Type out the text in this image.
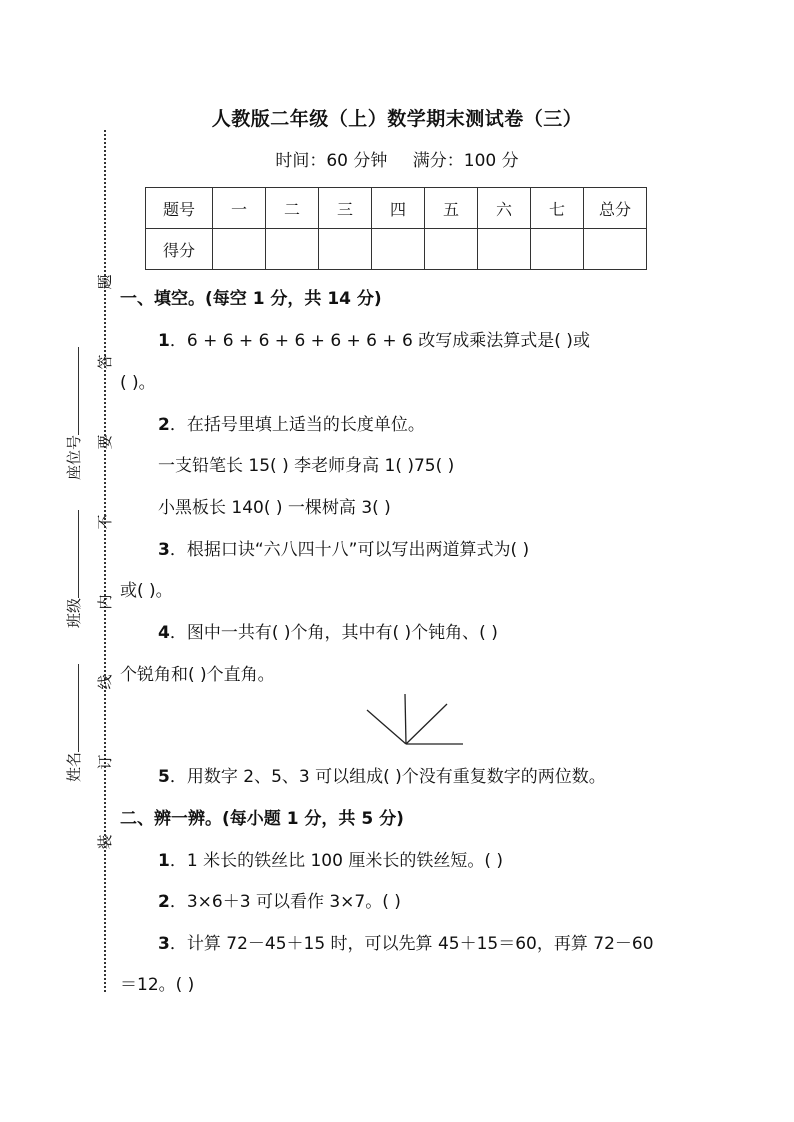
人教版二年级（上）数学期末测试卷（三）
时间：60 分钟 满分：100 分
题号	一	二	三	四	五	六	七	总分
得分								
题
答
要
不
内
线
订
装
座位号
班级
姓名
一、填空。(每空 1 分，共 14 分)
1．6 + 6 + 6 + 6 + 6 + 6 + 6 改写成乘法算式是( )或
( )。
2．在括号里填上适当的长度单位。
一支铅笔长 15( ) 李老师身高 1( )75( )
小黑板长 140( ) 一棵树高 3( )
3．根据口诀“六八四十八”可以写出两道算式为( )
或( )。
4．图中一共有( )个角，其中有( )个钝角、( )
个锐角和( )个直角。
5．用数字 2、5、3 可以组成( )个没有重复数字的两位数。
二、辨一辨。(每小题 1 分，共 5 分)
1．1 米长的铁丝比 100 厘米长的铁丝短。( )
2．3×6＋3 可以看作 3×7。( )
3．计算 72－45＋15 时，可以先算 45＋15＝60，再算 72－60
＝12。( )
